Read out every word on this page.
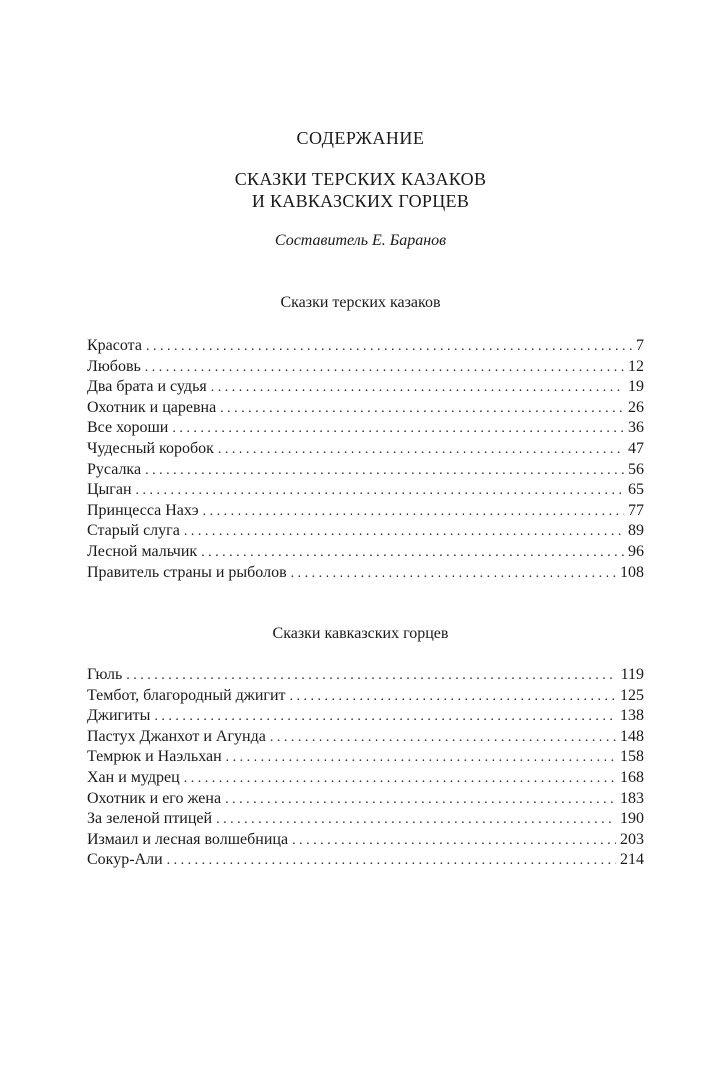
СОДЕРЖАНИЕ
СКАЗКИ ТЕРСКИХ КАЗАКОВ
И КАВКАЗСКИХ ГОРЦЕВ
Составитель Е. Баранов
Сказки терских казаков
Красота . . .	7
Любовь . . .	12
Два брата и судья . . .	19
Охотник и царевна . . .	26
Все хороши . . .	36
Чудесный коробок . . .	47
Русалка . . .	56
Цыган . . .	65
Принцесса Нахэ . . .	77
Старый слуга . . .	89
Лесной мальчик . . .	96
Правитель страны и рыболов . . .	108
Сказки кавказских горцев
Гюль . . .	119
Тембот, благородный джигит . . .	125
Джигиты . . .	138
Пастух Джанхот и Агунда . . .	148
Темрюк и Наэльхан . . .	158
Хан и мудрец . . .	168
Охотник и его жена . . .	183
За зеленой птицей . . .	190
Измаил и лесная волшебница . . .	203
Сокур-Али . . .	214
